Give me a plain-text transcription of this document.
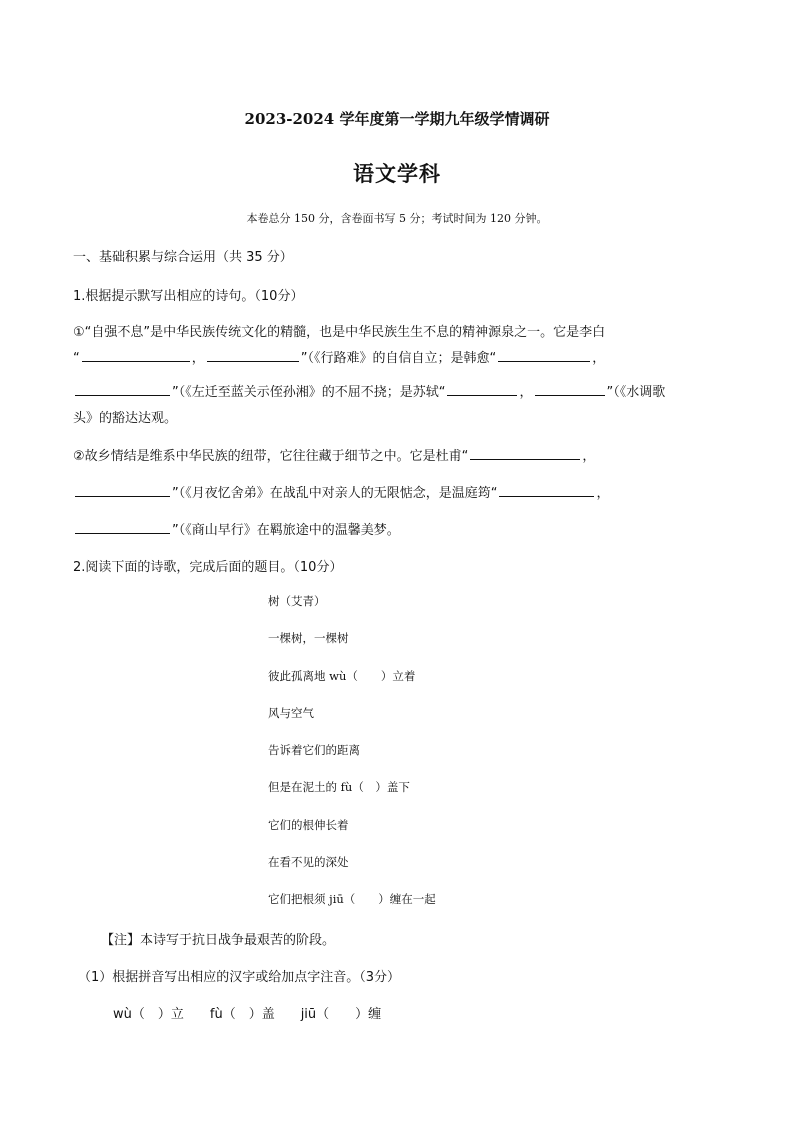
2023-2024 学年度第一学期九年级学情调研
语文学科
本卷总分 150 分，含卷面书写 5 分；考试时间为 120 分钟。
一、基础积累与综合运用（共 35 分）
1.根据提示默写出相应的诗句。（10分）
①“自强不息”是中华民族传统文化的精髓，也是中华民族生生不息的精神源泉之一。它是李白
“	，	”（《行路难》的自信自立；是韩愈“	，
”（《左迁至蓝关示侄孙湘》的不屈不挠；是苏轼“	，	”（《水调歌
头》的豁达达观。
②故乡情结是维系中华民族的纽带，它往往藏于细节之中。它是杜甫“	，
”（《月夜忆舍弟》在战乱中对亲人的无限惦念，是温庭筠“	，
”（《商山早行》在羁旅途中的温馨美梦。
2.阅读下面的诗歌，完成后面的题目。（10分）
树（艾青）
一棵树，一棵树
彼此孤离地 wù（　　）立着
风与空气
告诉着它们的距离
但是在泥土的 fù（　）盖下
它们的根伸长着
在看不见的深处
它们把根须 jiū（　　）缠在一起
【注】本诗写于抗日战争最艰苦的阶段。
（1）根据拼音写出相应的汉字或给加点字注音。（3分）
wù（　）立　　fù（　）盖　　jiū（　　）缠
